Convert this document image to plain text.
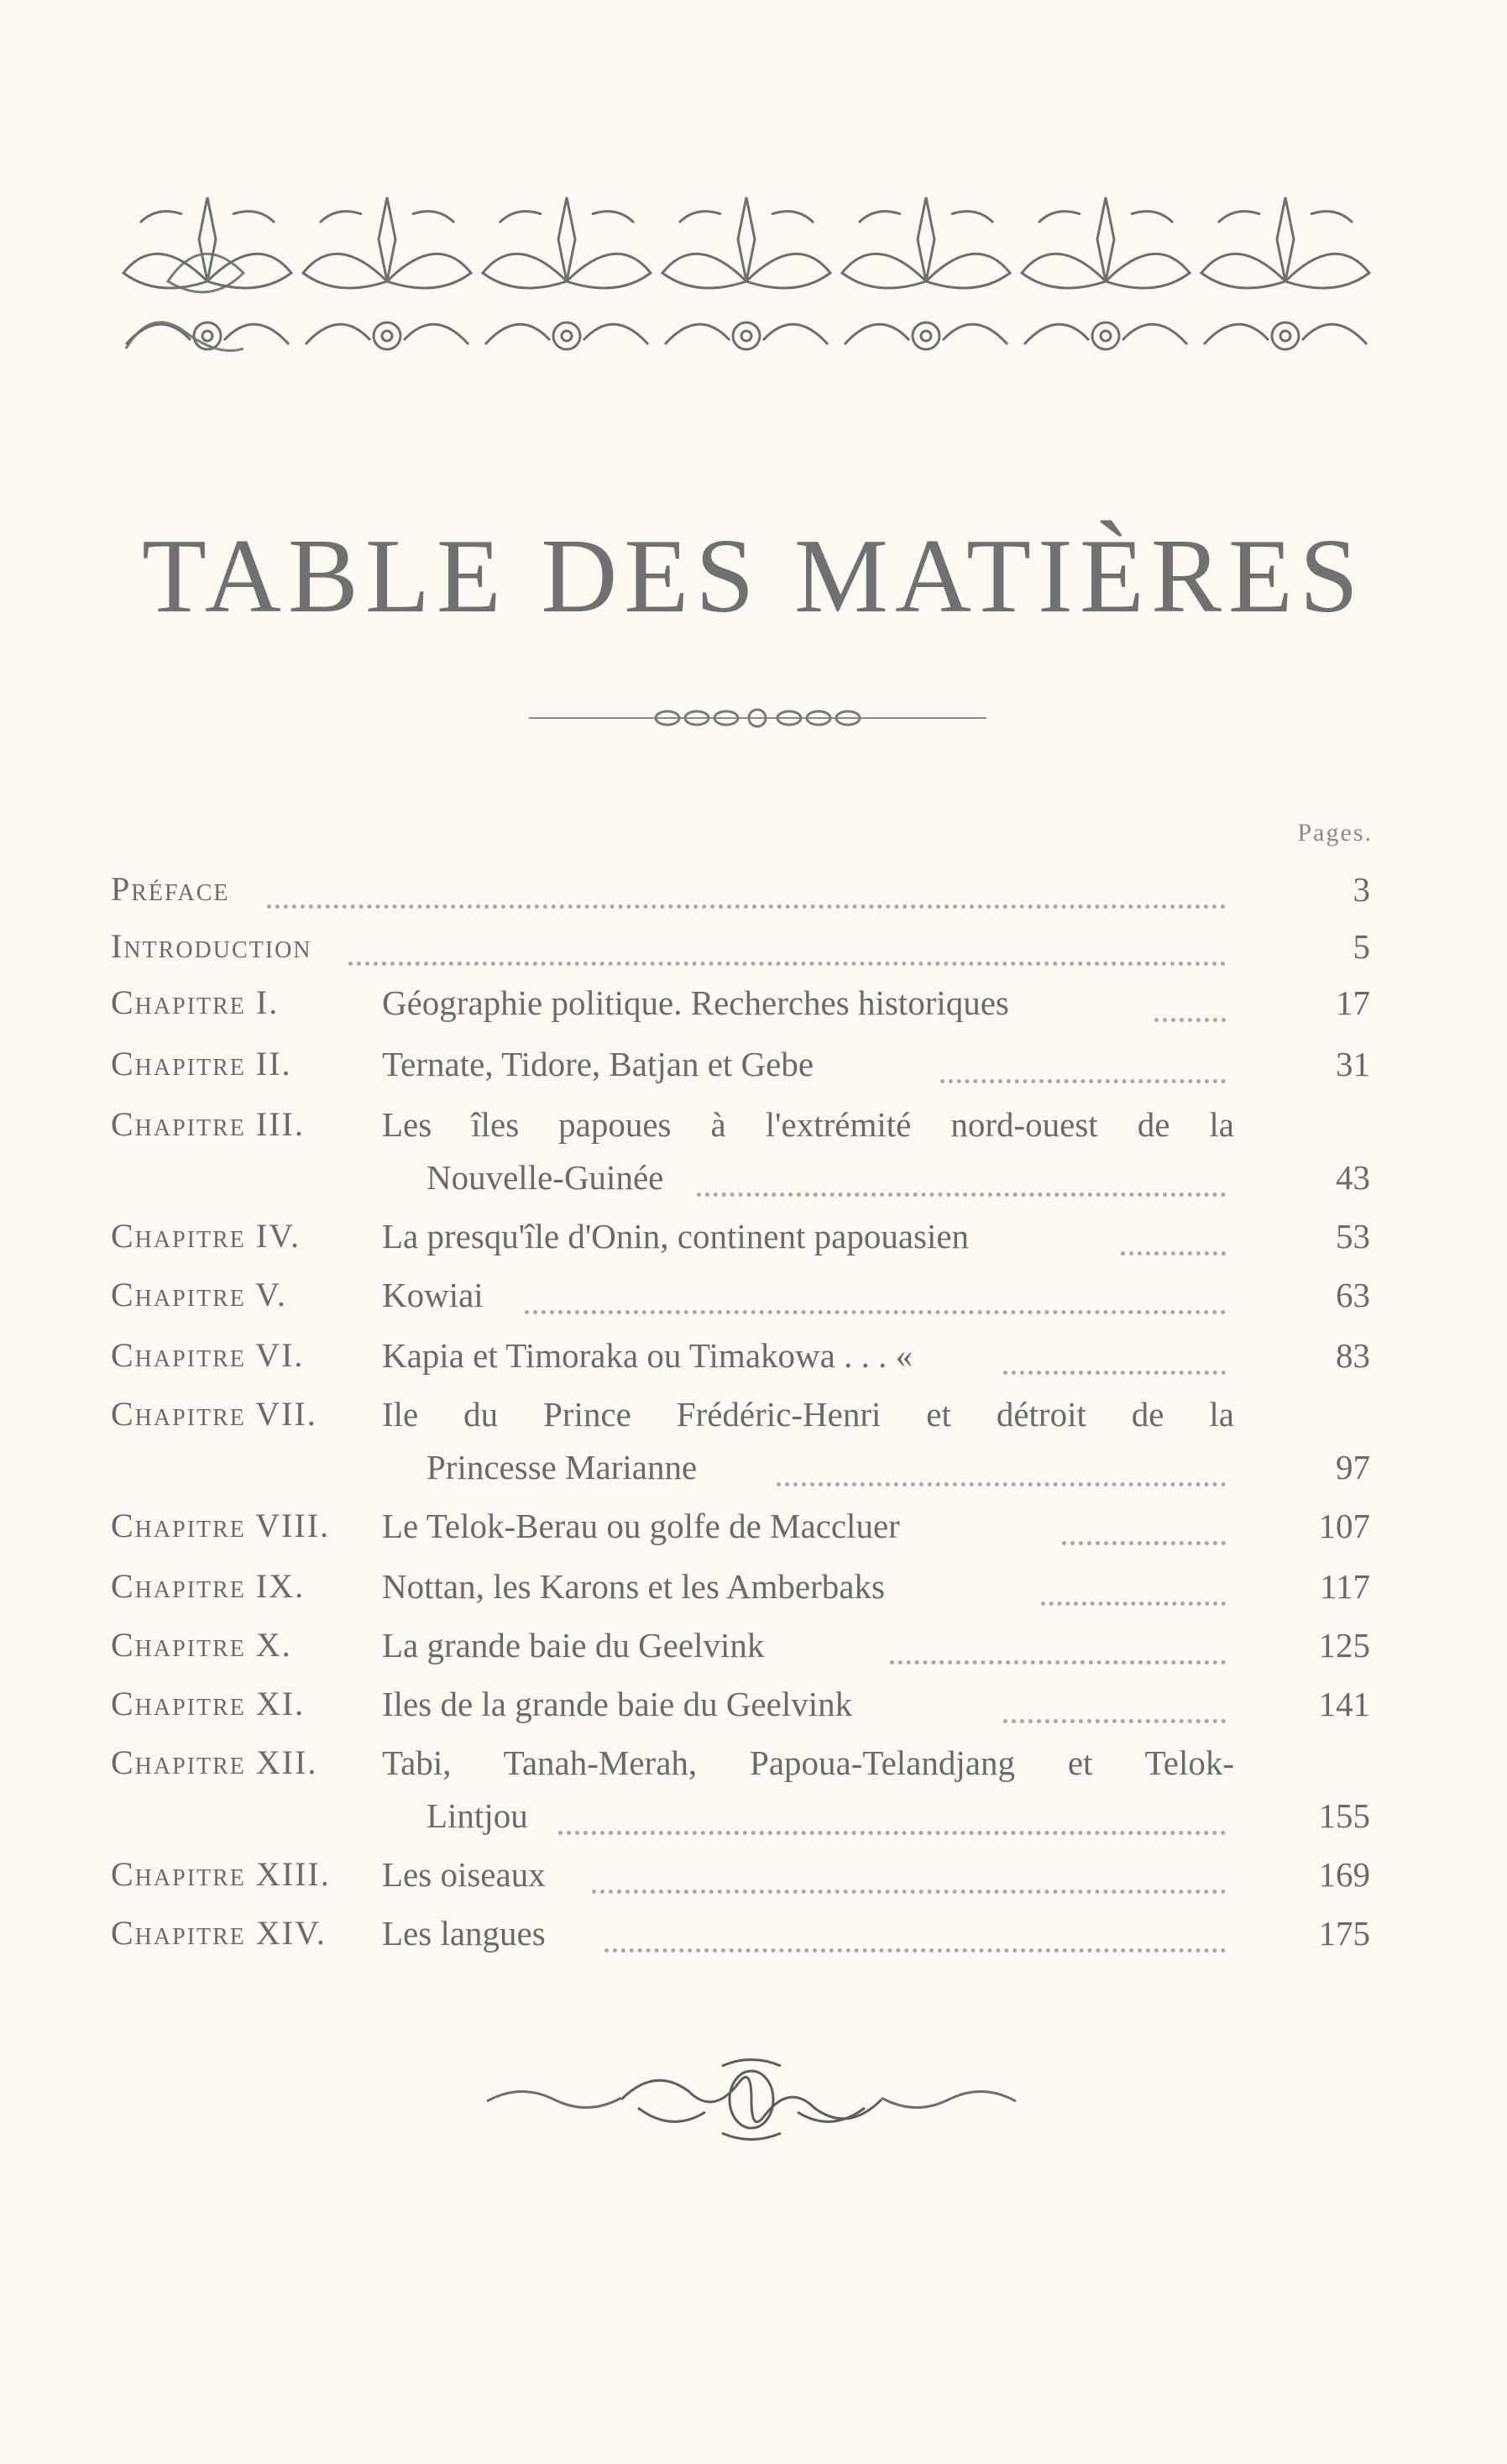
TABLE DES MATIÈRES
Pages.
Préface	3
Introduction	5
Chapitre I.	Géographie politique. Recherches historiques	17
Chapitre II.	Ternate, Tidore, Batjan et Gebe	31
Chapitre III. Les îles papoues à l'extrémité nord-ouest de la
Nouvelle-Guinée	43
Chapitre IV. La presqu'île d'Onin, continent papouasien	53
Chapitre V.	Kowiai	63
Chapitre VI. Kapia et Timoraka ou Timakowa . . . «	83
Chapitre VII. Ile du Prince Frédéric-Henri et détroit de la
Princesse Marianne	97
Chapitre VIII. Le Telok-Berau ou golfe de Maccluer	107
Chapitre IX. Nottan, les Karons et les Amberbaks	117
Chapitre X.	La grande baie du Geelvink	125
Chapitre XI. Iles de la grande baie du Geelvink	141
Chapitre XII. Tabi, Tanah-Merah, Papoua-Telandjang et Telok-
Lintjou	155
Chapitre XIII. Les oiseaux	169
Chapitre XIV. Les langues	175
